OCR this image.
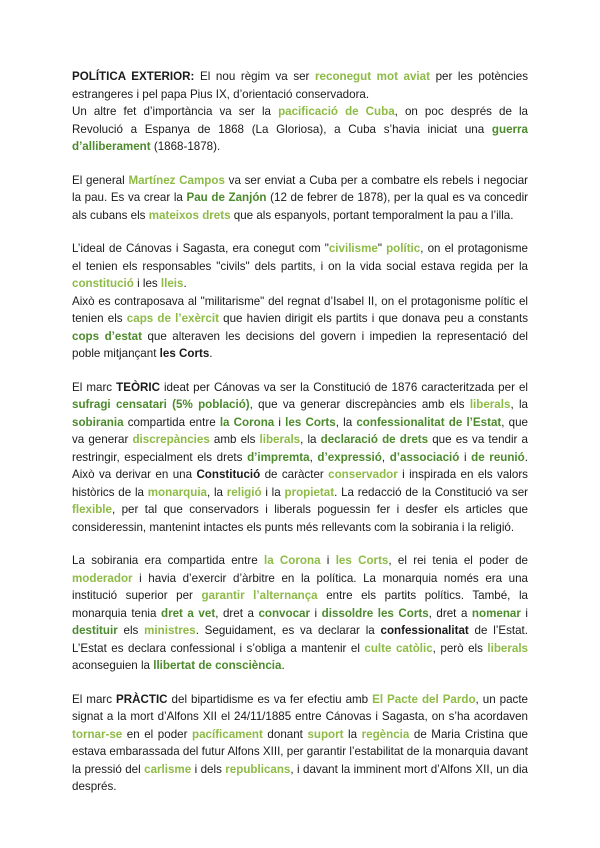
POLÍTICA EXTERIOR: El nou règim va ser reconegut mot aviat per les potències estrangeres i pel papa Pius IX, d’orientació conservadora.

Un altre fet d’importància va ser la pacificació de Cuba, on poc després de la Revolució a Espanya de 1868 (La Gloriosa), a Cuba s’havia iniciat una guerra d’alliberament (1868-1878).

El general Martínez Campos va ser enviat a Cuba per a combatre els rebels i negociar la pau. Es va crear la Pau de Zanjón (12 de febrer de 1878), per la qual es va concedir als cubans els mateixos drets que als espanyols, portant temporalment la pau a l’illa.

L’ideal de Cánovas i Sagasta, era conegut com "civilisme" polític, on el protagonisme el tenien els responsables "civils" dels partits, i on la vida social estava regida per la constitució i les lleis.

Això es contraposava al "militarisme" del regnat d’Isabel II, on el protagonisme polític el tenien els caps de l’exèrcit que havien dirigit els partits i que donava peu a constants cops d’estat que alteraven les decisions del govern i impedien la representació del poble mitjançant les Corts.

El marc TEÒRIC ideat per Cánovas va ser la Constitució de 1876 caracteritzada per el sufragi censatari (5% població), que va generar discrepàncies amb els liberals, la sobirania compartida entre la Corona i les Corts, la confessionalitat de l’Estat, que va generar discrepàncies amb els liberals, la declaració de drets que es va tendir a restringir, especialment els drets d’impremta, d’expressió, d’associació i de reunió. Això va derivar en una Constitució de caràcter conservador i inspirada en els valors històrics de la monarquia, la religió i la propietat. La redacció de la Constitució va ser flexible, per tal que conservadors i liberals poguessin fer i desfer els articles que consideressin, mantenint intactes els punts més rellevants com la sobirania i la religió.

La sobirania era compartida entre la Corona i les Corts, el rei tenia el poder de moderador i havia d’exercir d’àrbitre en la política. La monarquia només era una institució superior per garantir l’alternança entre els partits polítics. També, la monarquia tenia dret a vet, dret a convocar i dissoldre les Corts, dret a nomenar i destituir els ministres. Seguidament, es va declarar la confessionalitat de l’Estat. L’Estat es declara confessional i s’obliga a mantenir el culte catòlic, però els liberals aconseguien la llibertat de consciència.

El marc PRÀCTIC del bipartidisme es va fer efectiu amb El Pacte del Pardo, un pacte signat a la mort d’Alfons XII el 24/11/1885 entre Cánovas i Sagasta, on s’ha acordaven tornar-se en el poder pacíficament donant suport la regència de Maria Cristina que estava embarassada del futur Alfons XIII, per garantir l’estabilitat de la monarquia davant la pressió del carlisme i dels republicans, i davant la imminent mort d’Alfons XII, un dia després.
